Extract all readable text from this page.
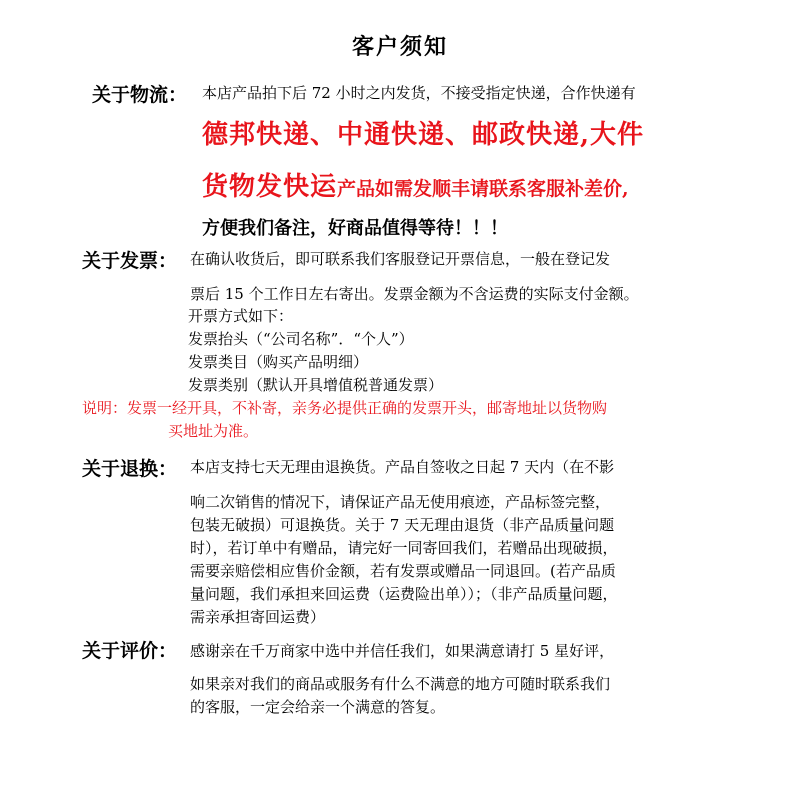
客户须知
关于物流： 本店产品拍下后 72 小时之内发货，不接受指定快递，合作快递有
德邦快递、中通快递、邮政快递,大件
货物发快运产品如需发顺丰请联系客服补差价,
方便我们备注，好商品值得等待！！！
关于发票： 在确认收货后，即可联系我们客服登记开票信息，一般在登记发
票后 15 个工作日左右寄出。发票金额为不含运费的实际支付金额。
开票方式如下：
发票抬头（“公司名称”．“个人”）
发票类目（购买产品明细）
发票类别（默认开具增值税普通发票）
说明：发票一经开具，不补寄，亲务必提供正确的发票开头，邮寄地址以货物购
买地址为准。
关于退换： 本店支持七天无理由退换货。产品自签收之日起 7 天内（在不影
响二次销售的情况下，请保证产品无使用痕迹，产品标签完整，
包装无破损）可退换货。关于 7 天无理由退货（非产品质量问题
时），若订单中有赠品，请完好一同寄回我们，若赠品出现破损，
需要亲赔偿相应售价金额，若有发票或赠品一同退回。(若产品质
量问题，我们承担来回运费（运费险出单））；（非产品质量问题，
需亲承担寄回运费）
关于评价： 感谢亲在千万商家中选中并信任我们，如果满意请打 5 星好评，
如果亲对我们的商品或服务有什么不满意的地方可随时联系我们
的客服，一定会给亲一个满意的答复。
